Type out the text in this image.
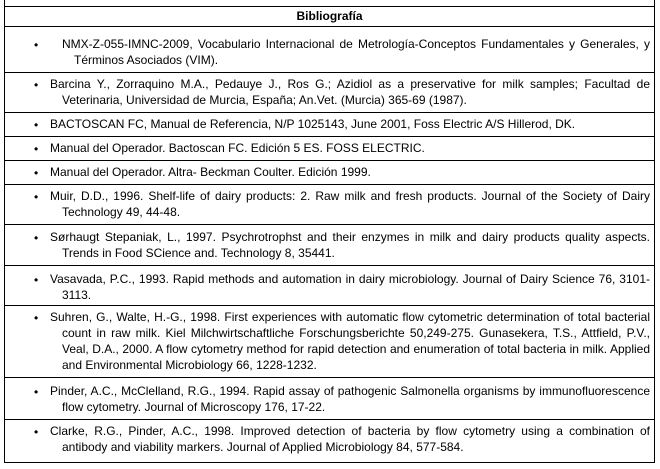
Bibliografía
•	NMX-Z-055-IMNC-2009, Vocabulario Internacional de Metrología-Conceptos Fundamentales y Generales, y Términos Asociados (VIM).
• Barcina Y., Zorraquino M.A., Pedauye J., Ros G.; Azidiol as a preservative for milk samples; Facultad de Veterinaria, Universidad de Murcia, España; An.Vet. (Murcia) 365-69 (1987).
• BACTOSCAN FC, Manual de Referencia, N/P 1025143, June 2001, Foss Electric A/S Hillerod, DK.
• Manual del Operador. Bactoscan FC. Edición 5 ES. FOSS ELECTRIC.
• Manual del Operador. Altra- Beckman Coulter. Edición 1999.
• Muir, D.D., 1996. Shelf-life of dairy products: 2. Raw milk and fresh products. Journal of the Society of Dairy Technology 49, 44-48.
• Sørhaugt Stepaniak, L., 1997. Psychrotrophst and their enzymes in milk and dairy products quality aspects. Trends in Food SCience and. Technology 8, 35441.
• Vasavada, P.C., 1993. Rapid methods and automation in dairy microbiology. Journal of Dairy Science 76, 3101-3113.
• Suhren, G., Walte, H.-G., 1998. First experiences with automatic flow cytometric determination of total bacterial count in raw milk. Kiel Milchwirtschaftliche Forschungsberichte 50,249-275. Gunasekera, T.S., Attfield, P.V., Veal, D.A., 2000. A flow cytometry method for rapid detection and enumeration of total bacteria in milk. Applied and Environmental Microbiology 66, 1228-1232.
• Pinder, A.C., McClelland, R.G., 1994. Rapid assay of pathogenic Salmonella organisms by immunofluorescence flow cytometry. Journal of Microscopy 176, 17-22.
• Clarke, R.G., Pinder, A.C., 1998. Improved detection of bacteria by flow cytometry using a combination of antibody and viability markers. Journal of Applied Microbiology 84, 577-584.
